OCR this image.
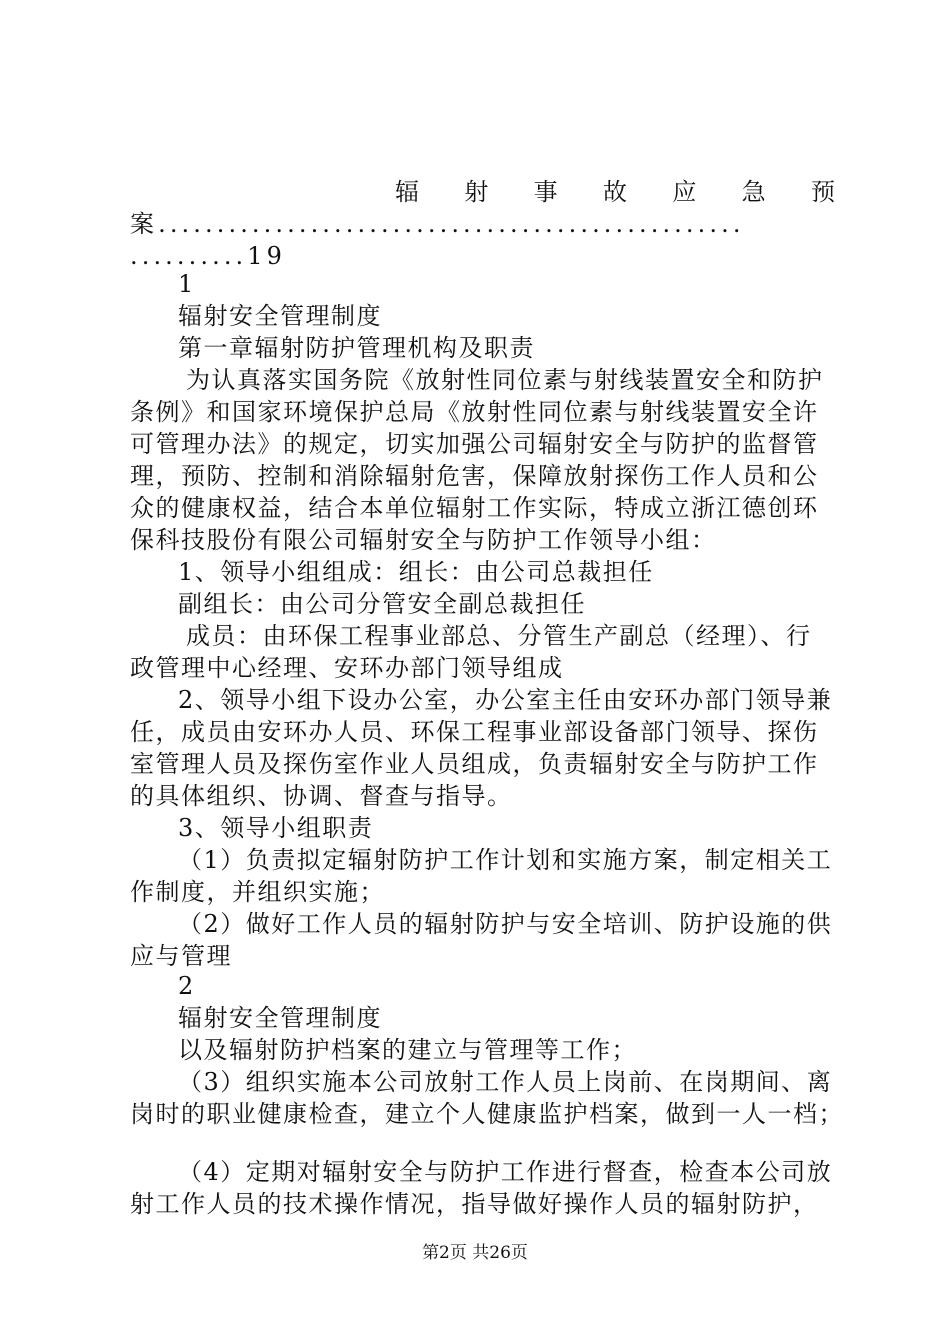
辐 射 事 故 应 急 预
案..................................................
..........19
1
辐射安全管理制度
第一章辐射防护管理机构及职责
为认真落实国务院《放射性同位素与射线装置安全和防护
条例》和国家环境保护总局《放射性同位素与射线装置安全许
可管理办法》的规定，切实加强公司辐射安全与防护的监督管
理，预防、控制和消除辐射危害，保障放射探伤工作人员和公
众的健康权益，结合本单位辐射工作实际，特成立浙江德创环
保科技股份有限公司辐射安全与防护工作领导小组：
1、领导小组组成：组长：由公司总裁担任
副组长：由公司分管安全副总裁担任
成员：由环保工程事业部总、分管生产副总（经理）、行
政管理中心经理、安环办部门领导组成
2、领导小组下设办公室，办公室主任由安环办部门领导兼
任，成员由安环办人员、环保工程事业部设备部门领导、探伤
室管理人员及探伤室作业人员组成，负责辐射安全与防护工作
的具体组织、协调、督查与指导。
3、领导小组职责
（1）负责拟定辐射防护工作计划和实施方案，制定相关工
作制度，并组织实施；
（2）做好工作人员的辐射防护与安全培训、防护设施的供
应与管理
2
辐射安全管理制度
以及辐射防护档案的建立与管理等工作；
（3）组织实施本公司放射工作人员上岗前、在岗期间、离
岗时的职业健康检查，建立个人健康监护档案，做到一人一档；
（4）定期对辐射安全与防护工作进行督查，检查本公司放
射工作人员的技术操作情况，指导做好操作人员的辐射防护，
第2页 共26页
